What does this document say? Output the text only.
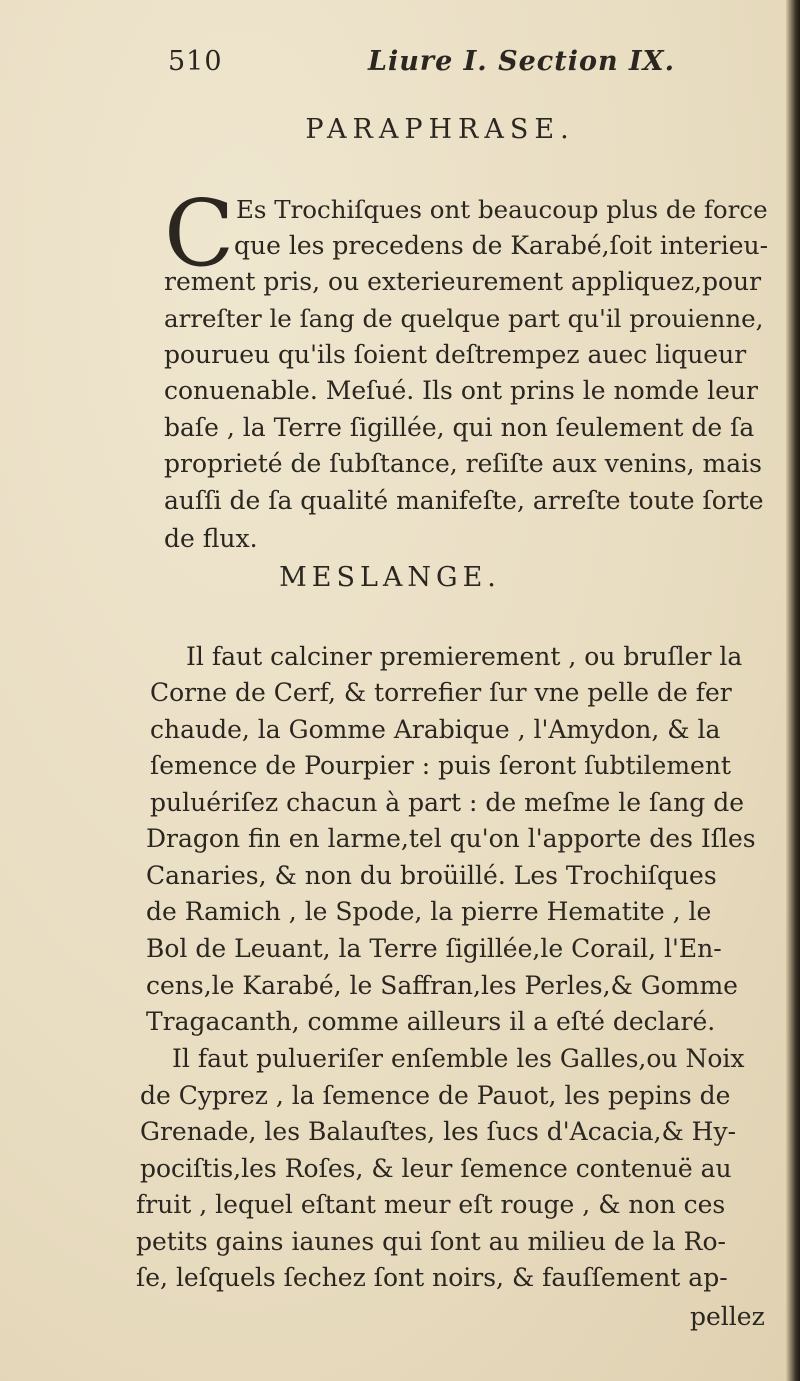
510	Liure I. Section IX.
PARAPHRASE.
C Es Trochiſques ont beaucoup plus de force
que les precedens de Karabé,ſoit interieu-
rement pris, ou exterieurement appliquez,pour
arreſter le ſang de quelque part qu'il prouienne,
pourueu qu'ils ſoient deſtrempez auec liqueur
conuenable. Meſué. Ils ont prins le nomde leur
baſe , la Terre ſigillée, qui non ſeulement de ſa
proprieté de ſubſtance, reſiſte aux venins, mais
auſſi de ſa qualité manifeſte, arreſte toute ſorte
de flux.
MESLANGE.
Il faut calciner premierement , ou bruſler la
Corne de Cerf, & torrefier ſur vne pelle de fer
chaude, la Gomme Arabique , l'Amydon, & la
ſemence de Pourpier : puis ſeront ſubtilement
puluériſez chacun à part : de meſme le ſang de
Dragon fin en larme,tel qu'on l'apporte des Iſles
Canaries, & non du broüillé. Les Trochiſques
de Ramich , le Spode, la pierre Hematite , le
Bol de Leuant, la Terre ſigillée,le Corail, l'En-
cens,le Karabé, le Saffran,les Perles,& Gomme
Tragacanth, comme ailleurs il a eſté declaré.
Il faut pulueriſer enſemble les Galles,ou Noix
de Cyprez , la ſemence de Pauot, les pepins de
Grenade, les Balauſtes, les ſucs d'Acacia,& Hy-
pociſtis,les Roſes, & leur ſemence contenuë au
fruit , lequel eſtant meur eſt rouge , & non ces
petits gains iaunes qui ſont au milieu de la Ro-
ſe, leſquels ſechez ſont noirs, & fauſſement ap-
pellez
